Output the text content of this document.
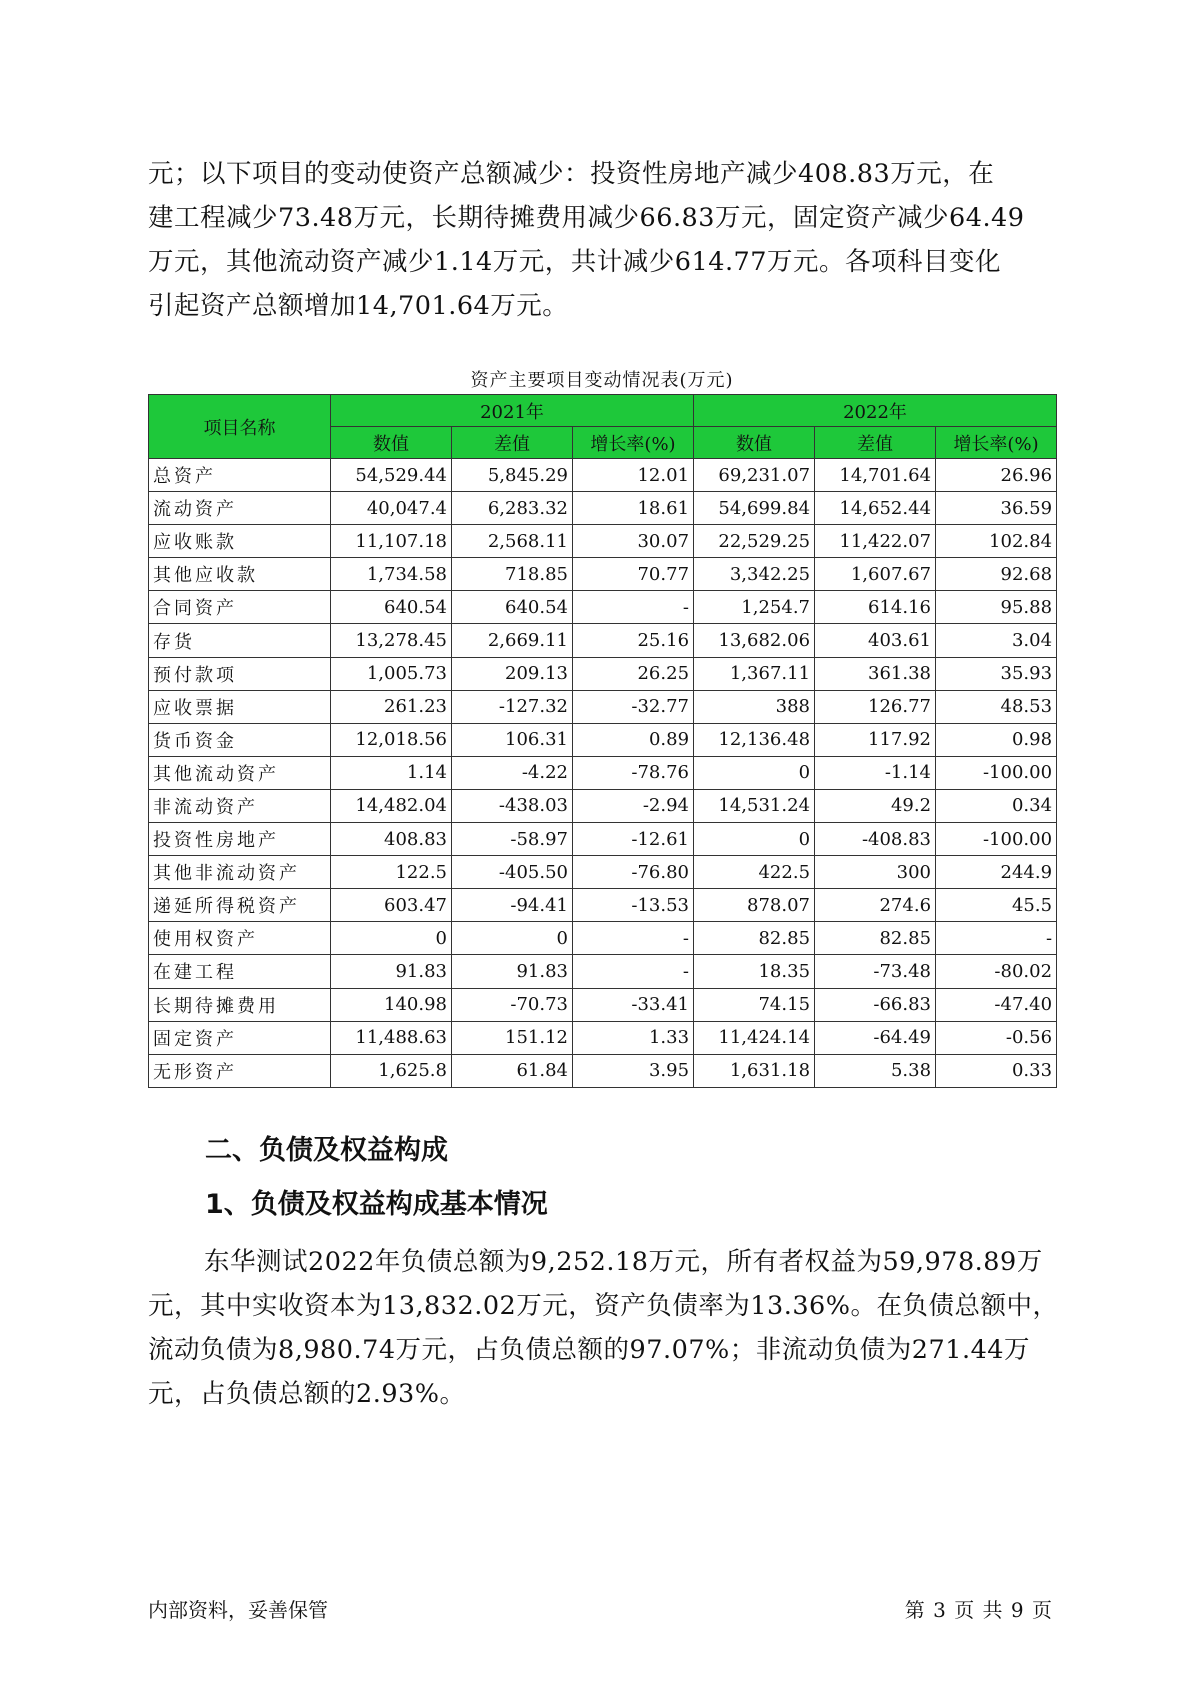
元；以下项目的变动使资产总额减少：投资性房地产减少408.83万元，在
建工程减少73.48万元，长期待摊费用减少66.83万元，固定资产减少64.49
万元，其他流动资产减少1.14万元，共计减少614.77万元。各项科目变化
引起资产总额增加14,701.64万元。
资产主要项目变动情况表(万元)
项目名称	2021年			2022年		
	数值	差值	增长率(%)	数值	差值	增长率(%)
总资产	54,529.44	5,845.29	12.01	69,231.07	14,701.64	26.96
流动资产	40,047.4	6,283.32	18.61	54,699.84	14,652.44	36.59
应收账款	11,107.18	2,568.11	30.07	22,529.25	11,422.07	102.84
其他应收款	1,734.58	718.85	70.77	3,342.25	1,607.67	92.68
合同资产	640.54	640.54	-	1,254.7	614.16	95.88
存货	13,278.45	2,669.11	25.16	13,682.06	403.61	3.04
预付款项	1,005.73	209.13	26.25	1,367.11	361.38	35.93
应收票据	261.23	-127.32	-32.77	388	126.77	48.53
货币资金	12,018.56	106.31	0.89	12,136.48	117.92	0.98
其他流动资产	1.14	-4.22	-78.76	0	-1.14	-100.00
非流动资产	14,482.04	-438.03	-2.94	14,531.24	49.2	0.34
投资性房地产	408.83	-58.97	-12.61	0	-408.83	-100.00
其他非流动资产	122.5	-405.50	-76.80	422.5	300	244.9
递延所得税资产	603.47	-94.41	-13.53	878.07	274.6	45.5
使用权资产	0	0	-	82.85	82.85	-
在建工程	91.83	91.83	-	18.35	-73.48	-80.02
长期待摊费用	140.98	-70.73	-33.41	74.15	-66.83	-47.40
固定资产	11,488.63	151.12	1.33	11,424.14	-64.49	-0.56
无形资产	1,625.8	61.84	3.95	1,631.18	5.38	0.33
二、负债及权益构成
1、负债及权益构成基本情况
东华测试2022年负债总额为9,252.18万元，所有者权益为59,978.89万
元，其中实收资本为13,832.02万元，资产负债率为13.36%。在负债总额中，
流动负债为8,980.74万元，占负债总额的97.07%；非流动负债为271.44万
元，占负债总额的2.93%。
内部资料，妥善保管	第 3 页 共 9 页
